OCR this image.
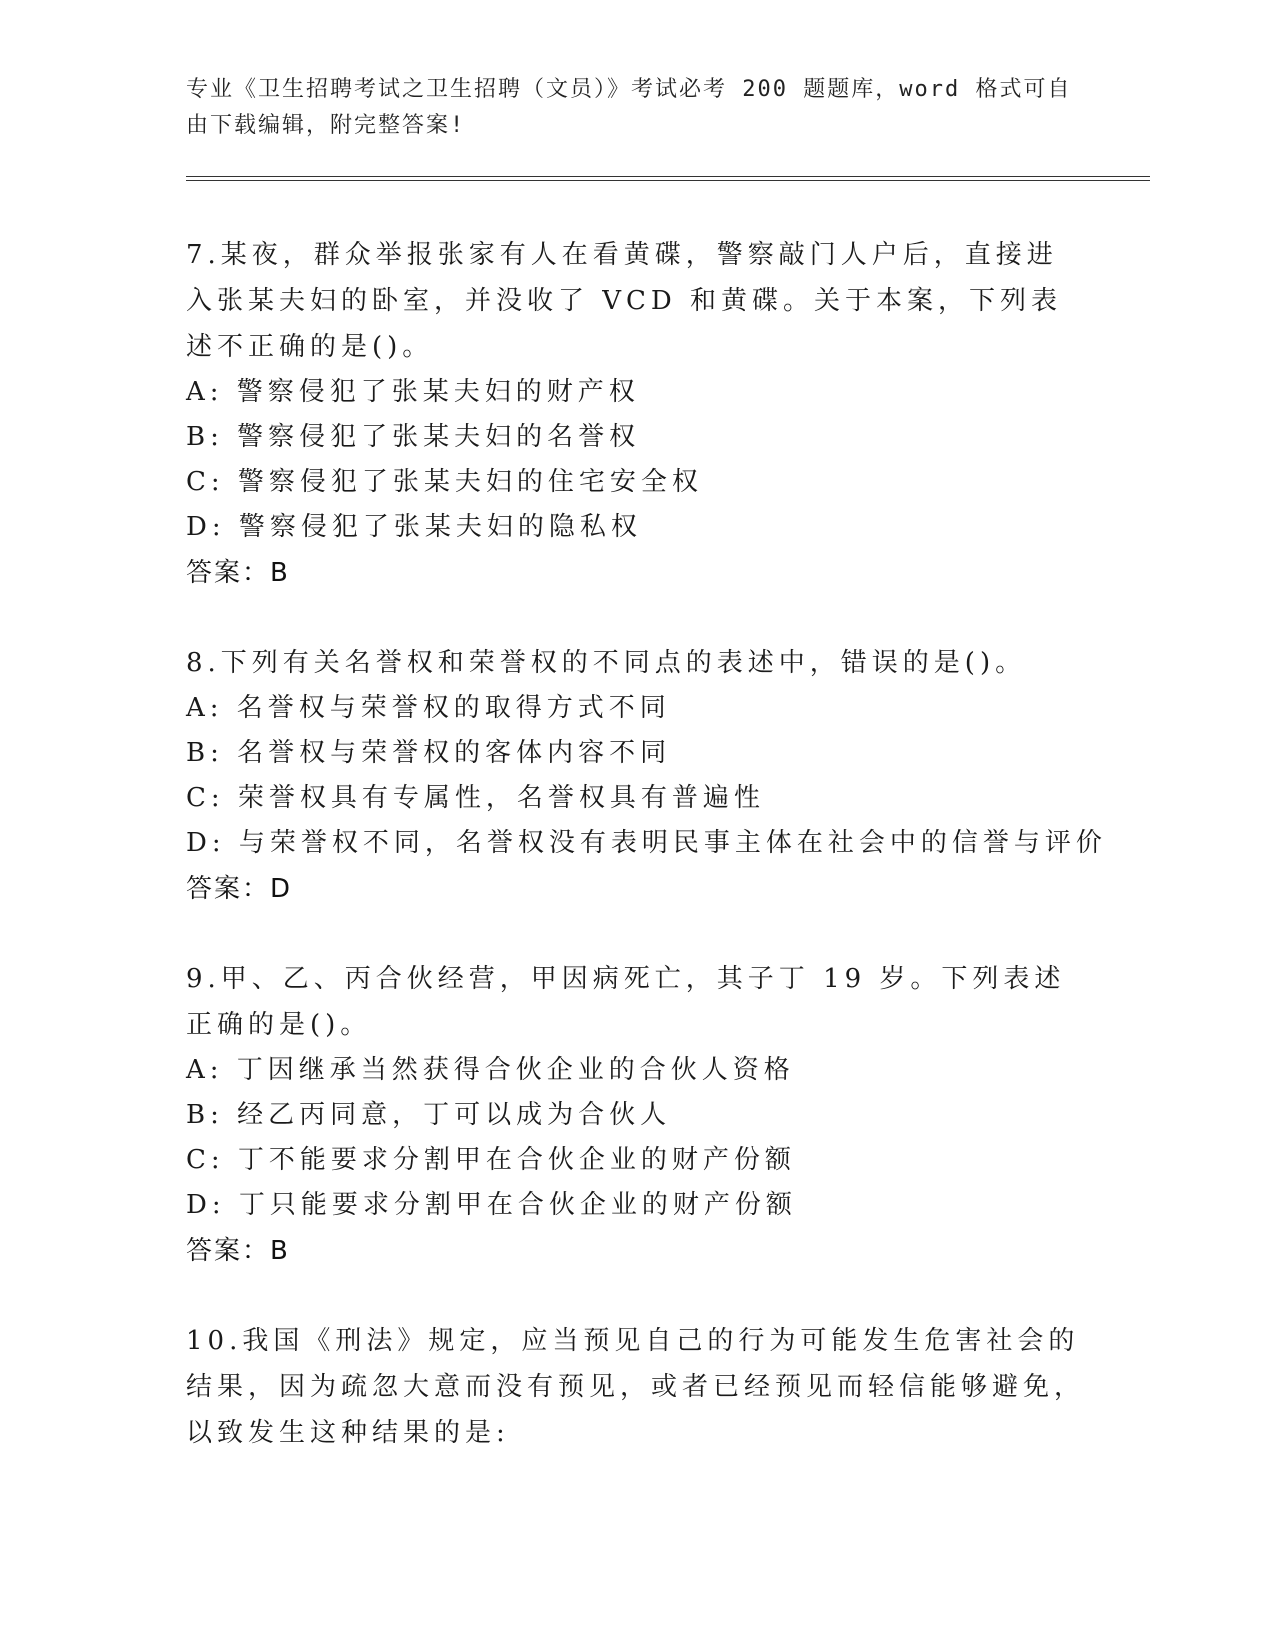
专业《卫生招聘考试之卫生招聘（文员）》考试必考 200 题题库，word 格式可自由下载编辑，附完整答案!
7.某夜，群众举报张家有人在看黄碟，警察敲门人户后，直接进入张某夫妇的卧室，并没收了 VCD 和黄碟。关于本案，下列表述不正确的是()。
A: 警察侵犯了张某夫妇的财产权
B: 警察侵犯了张某夫妇的名誉权
C: 警察侵犯了张某夫妇的住宅安全权
D: 警察侵犯了张某夫妇的隐私权
答案：B
8.下列有关名誉权和荣誉权的不同点的表述中，错误的是()。
A: 名誉权与荣誉权的取得方式不同
B: 名誉权与荣誉权的客体内容不同
C: 荣誉权具有专属性，名誉权具有普遍性
D: 与荣誉权不同，名誉权没有表明民事主体在社会中的信誉与评价
答案：D
9.甲、乙、丙合伙经营，甲因病死亡，其子丁 19 岁。下列表述正确的是()。
A: 丁因继承当然获得合伙企业的合伙人资格
B: 经乙丙同意，丁可以成为合伙人
C: 丁不能要求分割甲在合伙企业的财产份额
D: 丁只能要求分割甲在合伙企业的财产份额
答案：B
10.我国《刑法》规定，应当预见自己的行为可能发生危害社会的结果，因为疏忽大意而没有预见，或者已经预见而轻信能够避免，以致发生这种结果的是:
